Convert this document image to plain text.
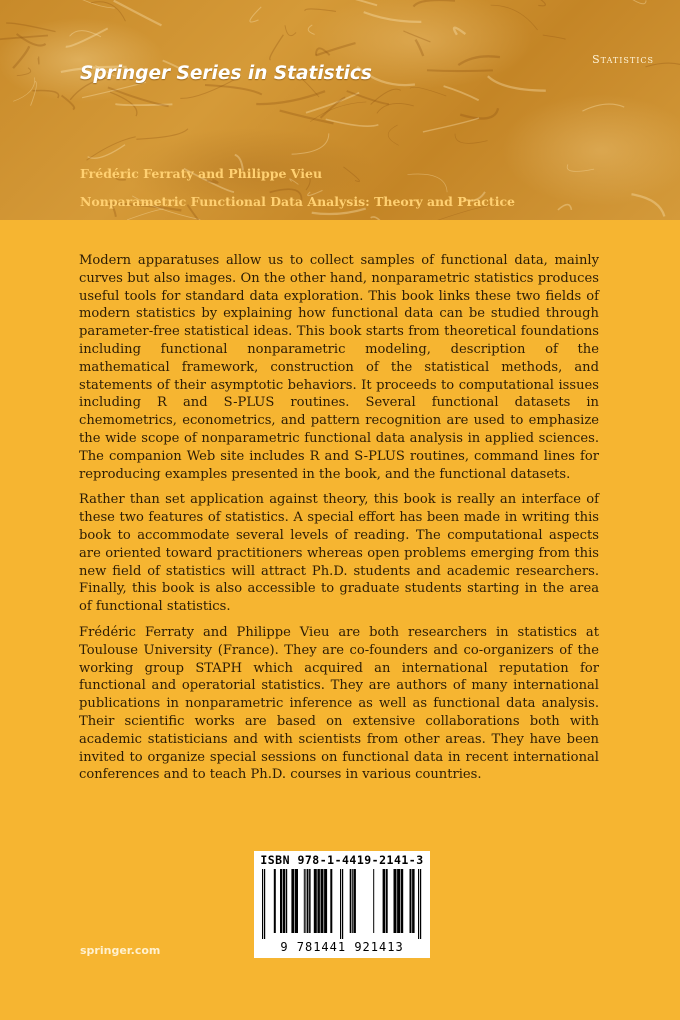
Statistics
Springer Series in Statistics
Frédéric Ferraty and Philippe Vieu
Nonparametric Functional Data Analysis: Theory and Practice

Modern apparatuses allow us to collect samples of functional data, mainly curves but also images. On the other hand, nonparametric statistics produces useful tools for standard data exploration. This book links these two fields of modern statistics by explaining how functional data can be studied through parameter-free statistical ideas. This book starts from theoretical foundations including functional nonparametric modeling, description of the mathematical framework, construction of the statistical methods, and statements of their asymptotic behaviors. It proceeds to computational issues including R and S-PLUS routines. Several functional datasets in chemometrics, econometrics, and pattern recognition are used to emphasize the wide scope of nonparametric functional data analysis in applied sciences. The companion Web site includes R and S-PLUS routines, command lines for reproducing examples presented in the book, and the functional datasets.

Rather than set application against theory, this book is really an interface of these two features of statistics. A special effort has been made in writing this book to accommodate several levels of reading. The computational aspects are oriented toward practitioners whereas open problems emerging from this new field of statistics will attract Ph.D. students and academic researchers. Finally, this book is also accessible to graduate students starting in the area of functional statistics.

Frédéric Ferraty and Philippe Vieu are both researchers in statistics at Toulouse University (France). They are co-founders and co-organizers of the working group STAPH which acquired an international reputation for functional and operatorial statistics. They are authors of many international publications in nonparametric inference as well as functional data analysis. Their scientific works are based on extensive collaborations both with academic statisticians and with scientists from other areas. They have been invited to organize special sessions on functional data in recent international conferences and to teach Ph.D. courses in various countries.

ISBN 978-1-4419-2141-3
9 781441 921413
springer.com
